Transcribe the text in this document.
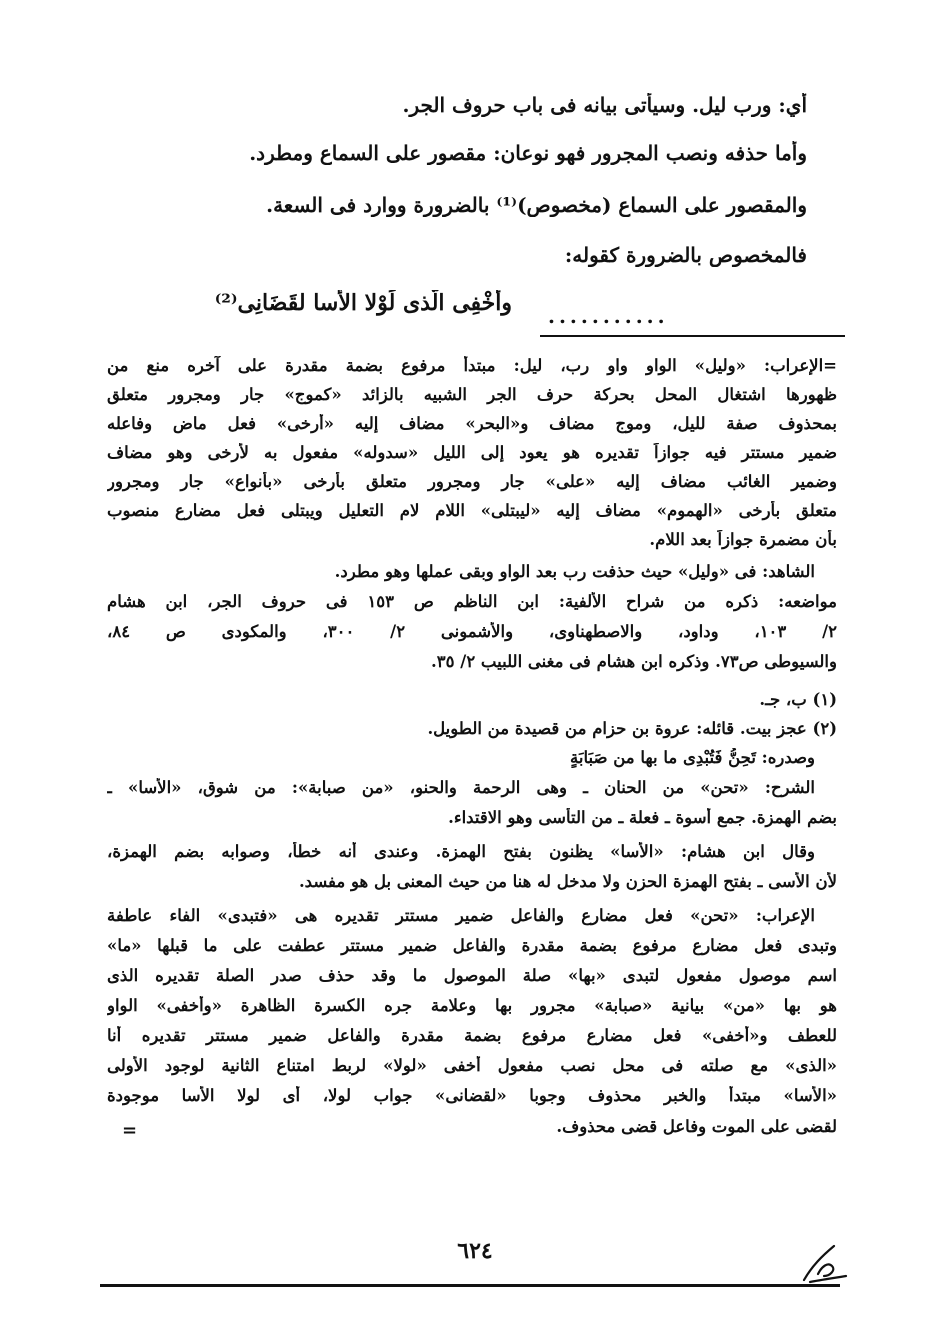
أي: ورب ليل. وسيأتى بيانه فى باب حروف الجر.
وأما حذفه ونصب المجرور فهو نوعان: مقصور على السماع ومطرد.
والمقصور على السماع (مخصوص)⁽¹⁾ بالضرورة ووارد فى السعة.
فالمخصوص بالضرورة كقوله:
وأُخْفِى الَّذى لَوْلا الأسا لقَضَانِى⁽²⁾ ...........
=الإعراب: «وليل» الواو واو رب، ليل: مبتدأ مرفوع بضمة مقدرة على آخره منع من
ظهورها اشتغال المحل بحركة حرف الجر الشبيه بالزائد «كموج» جار ومجرور متعلق
بمحذوف صفة لليل، وموج مضاف و«البحر» مضاف إليه «أرخى» فعل ماض وفاعله
ضمير مستتر فيه جوازاً تقديره هو يعود إلى الليل «سدوله» مفعول به لأرخى وهو مضاف
وضمير الغائب مضاف إليه «على» جار ومجرور متعلق بأرخى «بأنواع» جار ومجرور
متعلق بأرخى «الهموم» مضاف إليه «ليبتلى» اللام لام التعليل ويبتلى فعل مضارع منصوب
بأن مضمرة جوازاً بعد اللام.
الشاهد: فى «وليل» حيث حذفت رب بعد الواو وبقى عملها وهو مطرد.
مواضعه: ذكره من شراح الألفية: ابن الناظم ص ١٥٣ فى حروف الجر، ابن هشام
٢/ ١٠٣، وداود، والاصطهناوى، والأشمونى ٢/ ٣٠٠، والمكودى ص ٨٤،
والسيوطى ص٧٣. وذكره ابن هشام فى مغنى اللبيب ٢/ ٣٥.
(١) ب، جـ.
(٢) عجز بيت. قائله: عروة بن حزام من قصيدة من الطويل.
وصدره: تَحِنُّ فَتُبْدِى ما بها من صَبَابَةٍ
الشرح: «تحن» من الحنان ـ وهى الرحمة والحنو، «من صبابة»: من شوق، «الأسا» ـ
بضم الهمزة. جمع أسوة ـ فعلة ـ من التأسى وهو الاقتداء.
وقال ابن هشام: «الأسا» يظنون بفتح الهمزة. وعندى أنه خطأ، وصوابه بضم الهمزة،
لأن الأسى ـ بفتح الهمزة الحزن ولا مدخل له هنا من حيث المعنى بل هو مفسد.
الإعراب: «تحن» فعل مضارع والفاعل ضمير مستتر تقديره هى «فتبدى» الفاء عاطفة
وتبدى فعل مضارع مرفوع بضمة مقدرة والفاعل ضمير مستتر عطفت على ما قبلها «ما»
اسم موصول مفعول لتبدى «بها» صلة الموصول ما وقد حذف صدر الصلة تقديره الذى
هو بها «من» بيانية «صبابة» مجرور بها وعلامة جره الكسرة الظاهرة «وأخفى» الواو
للعطف و«أخفى» فعل مضارع مرفوع بضمة مقدرة والفاعل ضمير مستتر تقديره أنا
«الذى» مع صلته فى محل نصب مفعول أخفى «لولا» لربط امتناع الثانية لوجود الأولى
«الأسا» مبتدأ والخبر محذوف وجوبا «لقضانى» جواب لولا، أى لولا الأسا موجودة
لقضى على الموت وفاعل قضى محذوف.
=
٦٢٤
